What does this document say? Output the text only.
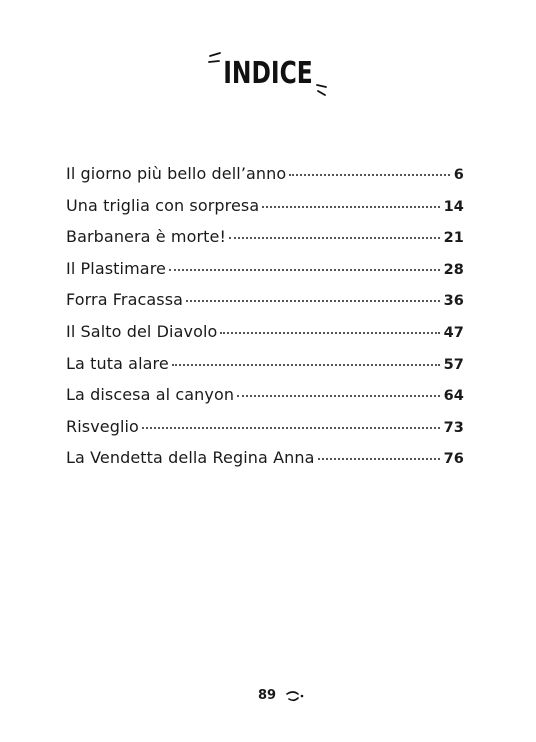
INDICE
Il giorno più bello dell’anno	6
Una triglia con sorpresa	14
Barbanera è morte!	21
Il Plastimare	28
Forra Fracassa	36
Il Salto del Diavolo	47
La tuta alare	57
La discesa al canyon	64
Risveglio	73
La Vendetta della Regina Anna	76
89
